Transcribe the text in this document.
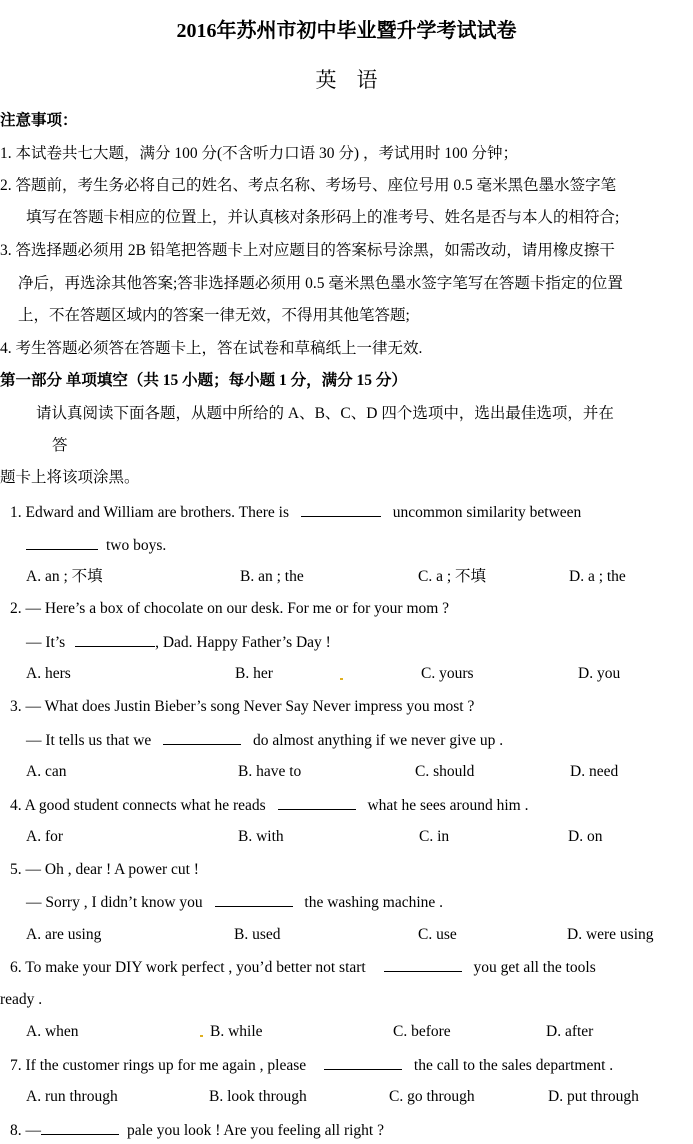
2016年苏州市初中毕业暨升学考试试卷
英语
注意事项：
1. 本试卷共七大题，满分 100 分(不含听力口语 30 分) ，考试用时 100 分钟；
2. 答题前，考生务必将自己的姓名、考点名称、考场号、座位号用 0.5 毫米黑色墨水签字笔
填写在答题卡相应的位置上，并认真核对条形码上的准考号、姓名是否与本人的相符合;
3. 答选择题必须用 2B 铅笔把答题卡上对应题目的答案标号涂黑，如需改动，请用橡皮擦干
净后，再选涂其他答案;答非选择题必须用 0.5 毫米黑色墨水签字笔写在答题卡指定的位置
上，不在答题区域内的答案一律无效，不得用其他笔答题;
4. 考生答题必须答在答题卡上，答在试卷和草稿纸上一律无效.
第一部分 单项填空（共 15 小题；每小题 1 分，满分 15 分）
请认真阅读下面各题，从题中所给的 A、B、C、D 四个选项中，选出最佳选项，并在
答
题卡上将该项涂黑。
1. Edward and William are brothers. There is	uncommon similarity between
two boys.
A. an ; 不填	B. an ; the	C. a ; 不填	D. a ; the
2. — Here’s a box of chocolate on our desk. For me or for your mom ?
— It’s	, Dad. Happy Father’s Day !
A. hers	B. her	C. yours	D. you
3. — What does Justin Bieber’s song Never Say Never impress you most ?
— It tells us that we	do almost anything if we never give up .
A. can	B. have to	C. should	D. need
4. A good student connects what he reads	what he sees around him .
A. for	B. with	C. in	D. on
5. — Oh , dear ! A power cut !
— Sorry , I didn’t know you	the washing machine .
A. are using	B. used	C. use	D. were using
6. To make your DIY work perfect , you’d better not start	you get all the tools
ready .
A. when	B. while	C. before	D. after
7. If the customer rings up for me again , please	the call to the sales department .
A. run through	B. look through	C. go through	D. put through
8. —	pale you look ! Are you feeling all right ?
